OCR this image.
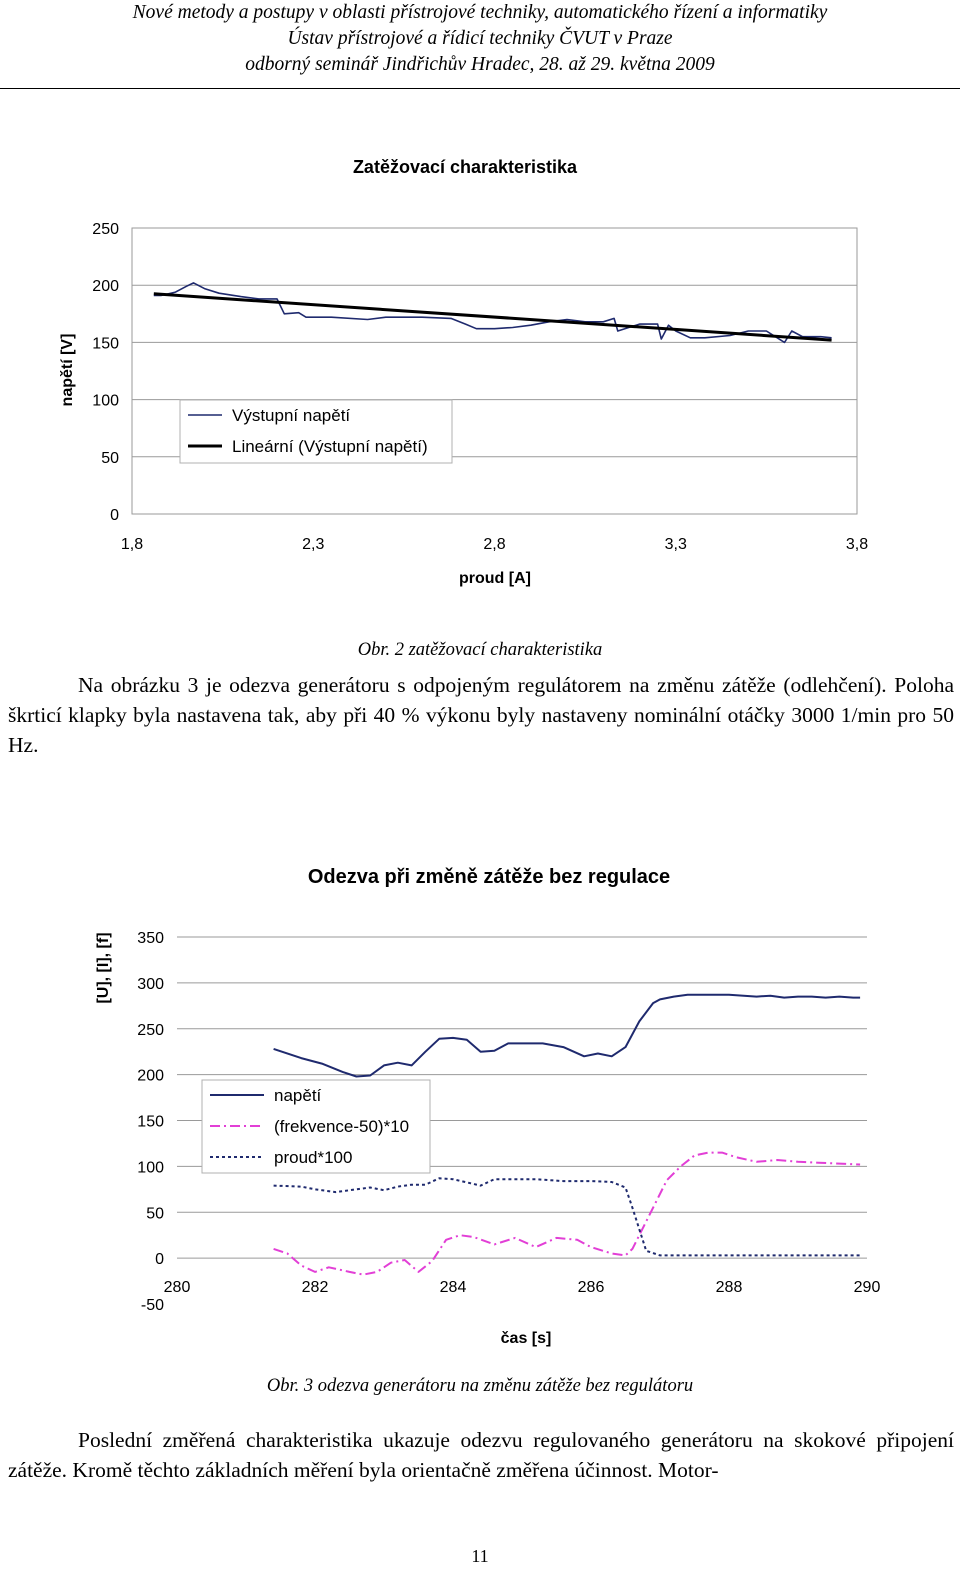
Nové metody a postupy v oblasti přístrojové techniky, automatického řízení a informatiky
Ústav přístrojové a řídicí techniky ČVUT v Praze
odborný seminář Jindřichův Hradec, 28. až 29. května 2009
Zatěžovací charakteristika
0
50
100
150
200
250
1,8	2,3	2,8	3,3	3,8
proud [A]
napětí [V]
Výstupní napětí
Lineární (Výstupní napětí)
Obr. 2 zatěžovací charakteristika

Na obrázku 3 je odezva generátoru s odpojeným regulátorem na změnu zátěže (odlehčení). Poloha škrticí klapky byla nastavena tak, aby při 40 % výkonu byly nastaveny nominální otáčky 3000 1/min pro 50 Hz.

Odezva při změně zátěže bez regulace
-50
0
50
100
150
200
250
300
350
280	282	284	286	288	290
čas [s]
[U], [I], [f]
napětí
(frekvence-50)*10
proud*100
Obr. 3 odezva generátoru na změnu zátěže bez regulátoru

Poslední změřená charakteristika ukazuje odezvu regulovaného generátoru na skokové připojení zátěže. Kromě těchto základních měření byla orientačně změřena účinnost. Motor-

11
